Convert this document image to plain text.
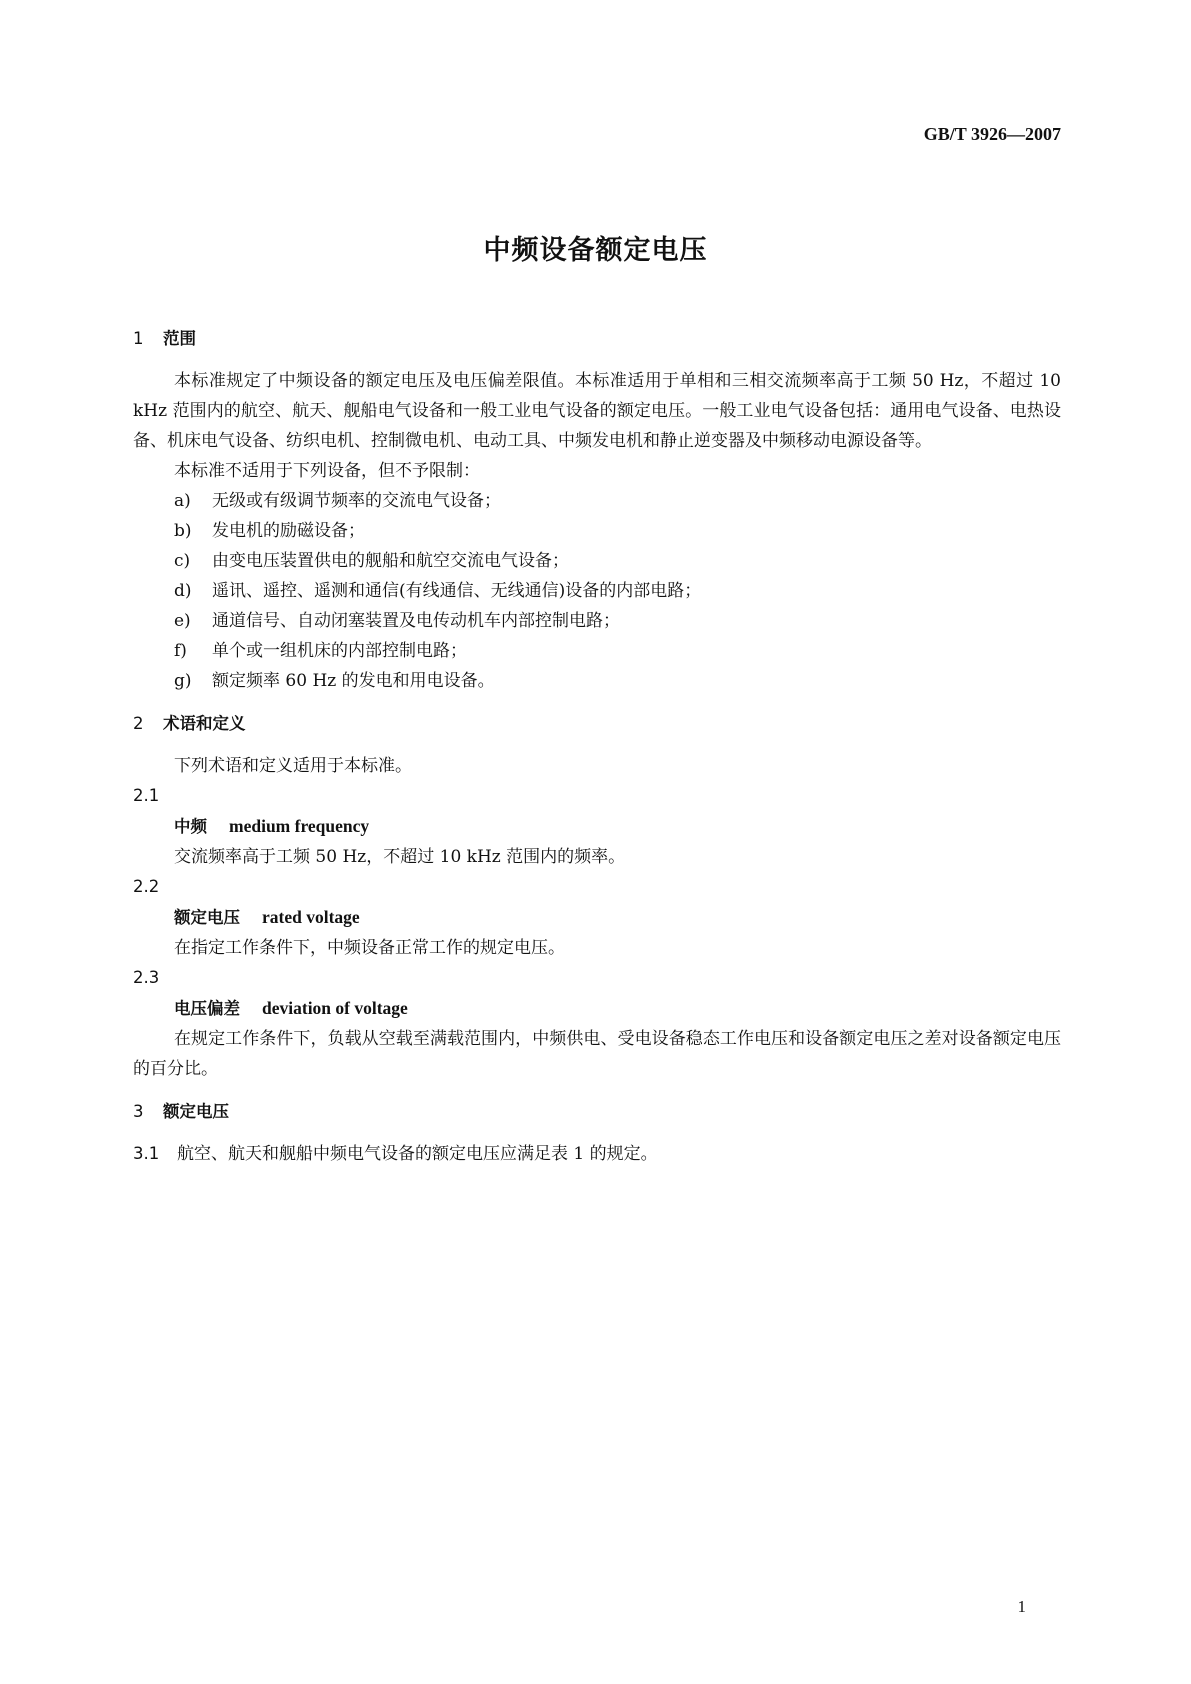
GB/T 3926—2007
中频设备额定电压

1 范围

本标准规定了中频设备的额定电压及电压偏差限值。本标准适用于单相和三相交流频率高于工频 50 Hz，不超过 10 kHz 范围内的航空、航天、舰船电气设备和一般工业电气设备的额定电压。一般工业电气设备包括：通用电气设备、电热设备、机床电气设备、纺织电机、控制微电机、电动工具、中频发电机和静止逆变器及中频移动电源设备等。

本标准不适用于下列设备，但不予限制：

a) 无级或有级调节频率的交流电气设备；

b) 发电机的励磁设备；

c) 由变电压装置供电的舰船和航空交流电气设备；

d) 遥讯、遥控、遥测和通信(有线通信、无线通信)设备的内部电路；

e) 通道信号、自动闭塞装置及电传动机车内部控制电路；

f) 单个或一组机床的内部控制电路；

g) 额定频率 60 Hz 的发电和用电设备。

2 术语和定义

下列术语和定义适用于本标准。

2.1

中频 medium frequency

交流频率高于工频 50 Hz，不超过 10 kHz 范围内的频率。

2.2

额定电压 rated voltage

在指定工作条件下，中频设备正常工作的规定电压。

2.3

电压偏差 deviation of voltage

在规定工作条件下，负载从空载至满载范围内，中频供电、受电设备稳态工作电压和设备额定电压之差对设备额定电压的百分比。

3 额定电压

3.1 航空、航天和舰船中频电气设备的额定电压应满足表 1 的规定。

1
